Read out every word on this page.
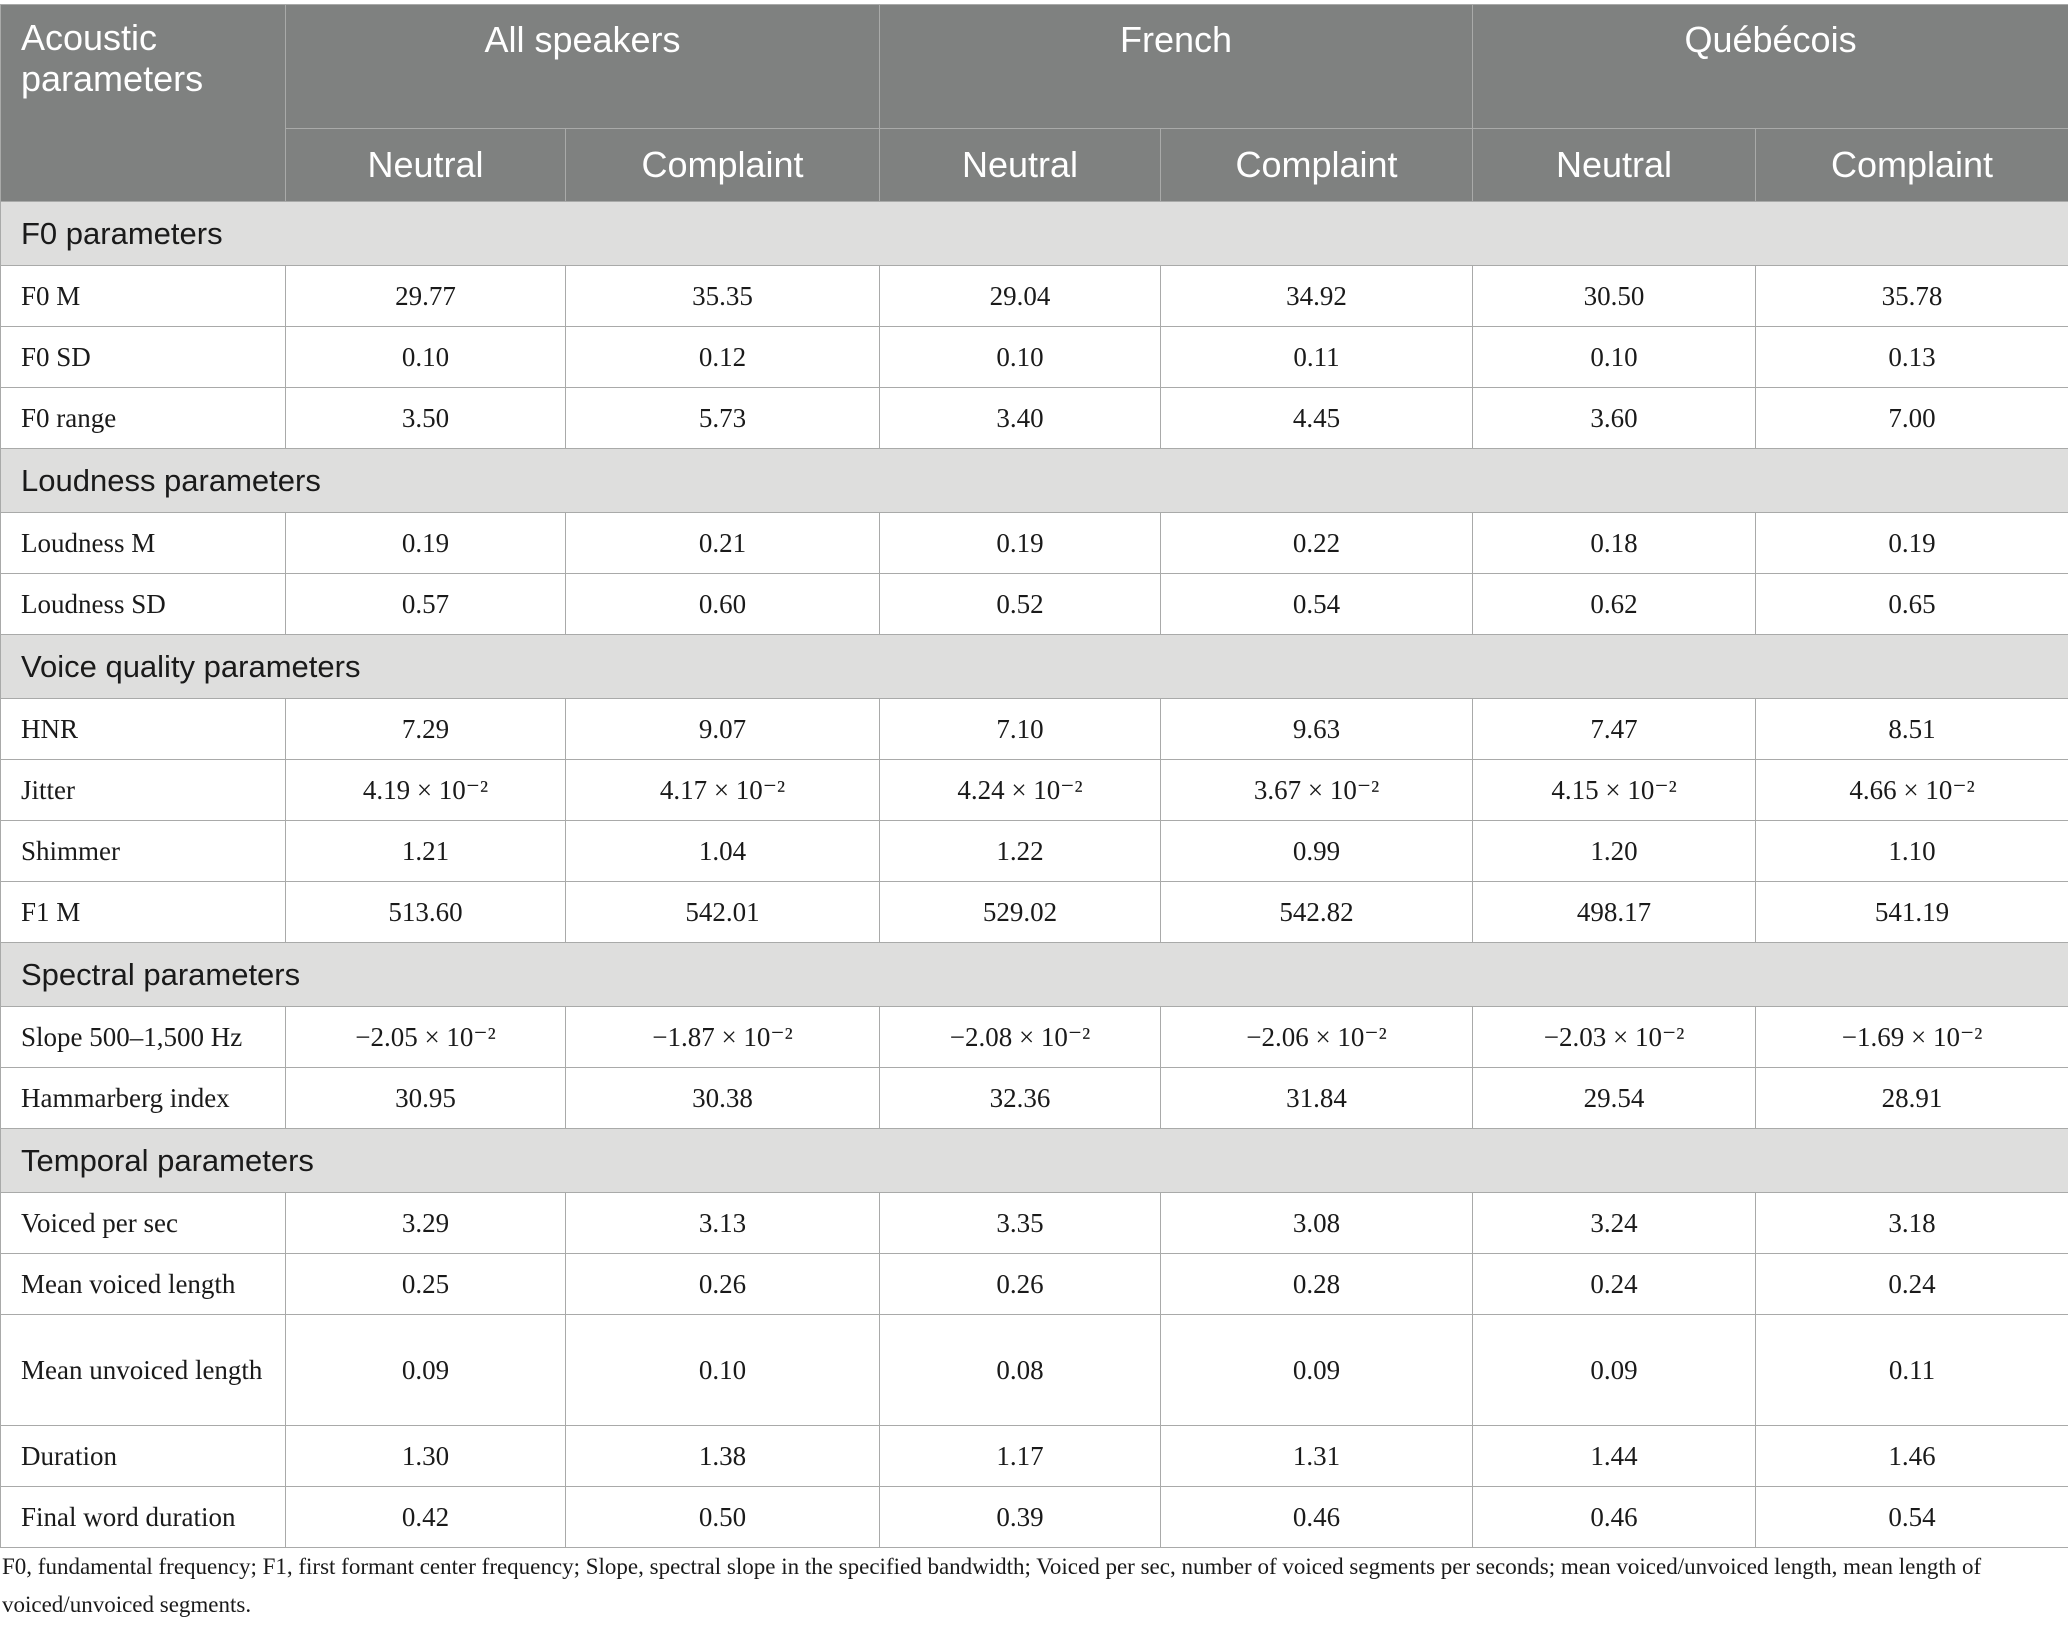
Acoustic parameters	All speakers		French		Québécois	
	Neutral	Complaint	Neutral	Complaint	Neutral	Complaint
F0 parameters						
F0 M	29.77	35.35	29.04	34.92	30.50	35.78
F0 SD	0.10	0.12	0.10	0.11	0.10	0.13
F0 range	3.50	5.73	3.40	4.45	3.60	7.00
Loudness parameters						
Loudness M	0.19	0.21	0.19	0.22	0.18	0.19
Loudness SD	0.57	0.60	0.52	0.54	0.62	0.65
Voice quality parameters						
HNR	7.29	9.07	7.10	9.63	7.47	8.51
Jitter	4.19 × 10⁻²	4.17 × 10⁻²	4.24 × 10⁻²	3.67 × 10⁻²	4.15 × 10⁻²	4.66 × 10⁻²
Shimmer	1.21	1.04	1.22	0.99	1.20	1.10
F1 M	513.60	542.01	529.02	542.82	498.17	541.19
Spectral parameters						
Slope 500–1,500 Hz	−2.05 × 10⁻²	−1.87 × 10⁻²	−2.08 × 10⁻²	−2.06 × 10⁻²	−2.03 × 10⁻²	−1.69 × 10⁻²
Hammarberg index	30.95	30.38	32.36	31.84	29.54	28.91
Temporal parameters						
Voiced per sec	3.29	3.13	3.35	3.08	3.24	3.18
Mean voiced length	0.25	0.26	0.26	0.28	0.24	0.24
Mean unvoiced length	0.09	0.10	0.08	0.09	0.09	0.11
Duration	1.30	1.38	1.17	1.31	1.44	1.46
Final word duration	0.42	0.50	0.39	0.46	0.46	0.54
F0, fundamental frequency; F1, first formant center frequency; Slope, spectral slope in the specified bandwidth; Voiced per sec, number of voiced segments per seconds; mean voiced/unvoiced length, mean length of voiced/unvoiced segments.
